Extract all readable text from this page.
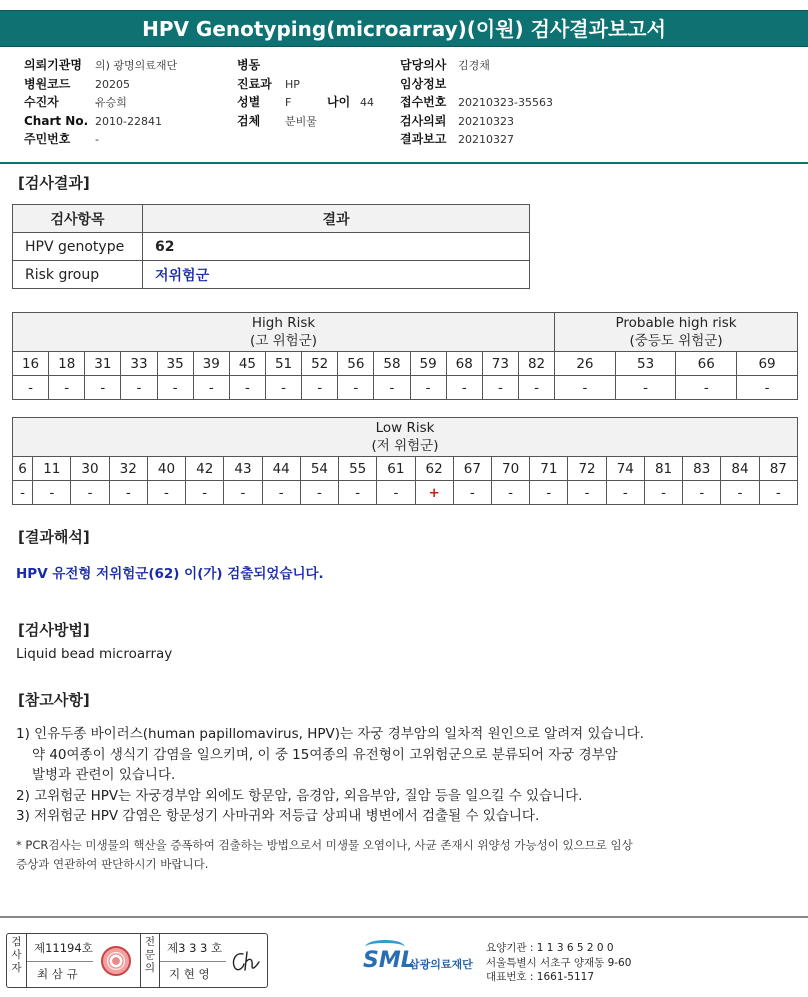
HPV Genotyping(microarray)(이원) 검사결과보고서
의뢰기관명 의) 광명의료재단
병원코드 20205
수진자	유승희
Chart No. 2010-22841
주민번호 -
병동
진료과 HP
성별 F
검체 분비물
나이 44
담당의사 김경채
임상정보
접수번호 20210323-35563
검사의뢰 20210323
결과보고 20210327
[검사결과]
검사항목	결과
HPV genotype	62
Risk group	저위험군
High Risk
(고 위험군)															Probable high risk
(중등도 위험군)			
16	18	31	33	35	39	45	51	52	56	58	59	68	73	82	26	53	66	69
-	-	-	-	-	-	-	-	-	-	-	-	-	-	-	-	-	-	-
Low Risk
(저 위험군)																				
6	11	30	32	40	42	43	44	54	55	61	62	67	70	71	72	74	81	83	84	87
-	-	-	-	-	-	-	-	-	-	-	+	-	-	-	-	-	-	-	-	-
[결과해석]
HPV 유전형 저위험군(62) 이(가) 검출되었습니다.
[검사방법]
Liquid bead microarray
[참고사항]
1) 인유두종 바이러스(human papillomavirus, HPV)는 자궁 경부암의 일차적 원인으로 알려져 있습니다.
약 40여종이 생식기 감염을 일으키며, 이 중 15여종의 유전형이 고위험군으로 분류되어 자궁 경부암
발병과 관련이 있습니다.
2) 고위험군 HPV는 자궁경부암 외에도 항문암, 음경암, 외음부암, 질암 등을 일으킬 수 있습니다.
3) 저위험군 HPV 감염은 항문성기 사마귀와 저등급 상피내 병변에서 검출될 수 있습니다.
* PCR검사는 미생물의 핵산을 증폭하여 검출하는 방법으로서 미생물 오염이나, 사균 존재시 위양성 가능성이 있으므로 임상
증상과 연관하여 판단하시기 바랍니다.
검
사
자
제11194호
최 삼 규
전
문
의
제3 3 3 호
지 현 영
SML
삼광의료재단
요양기관 : 1 1 3 6 5 2 0 0
서울특별시 서초구 양재동 9-60
대표번호 : 1661-5117
